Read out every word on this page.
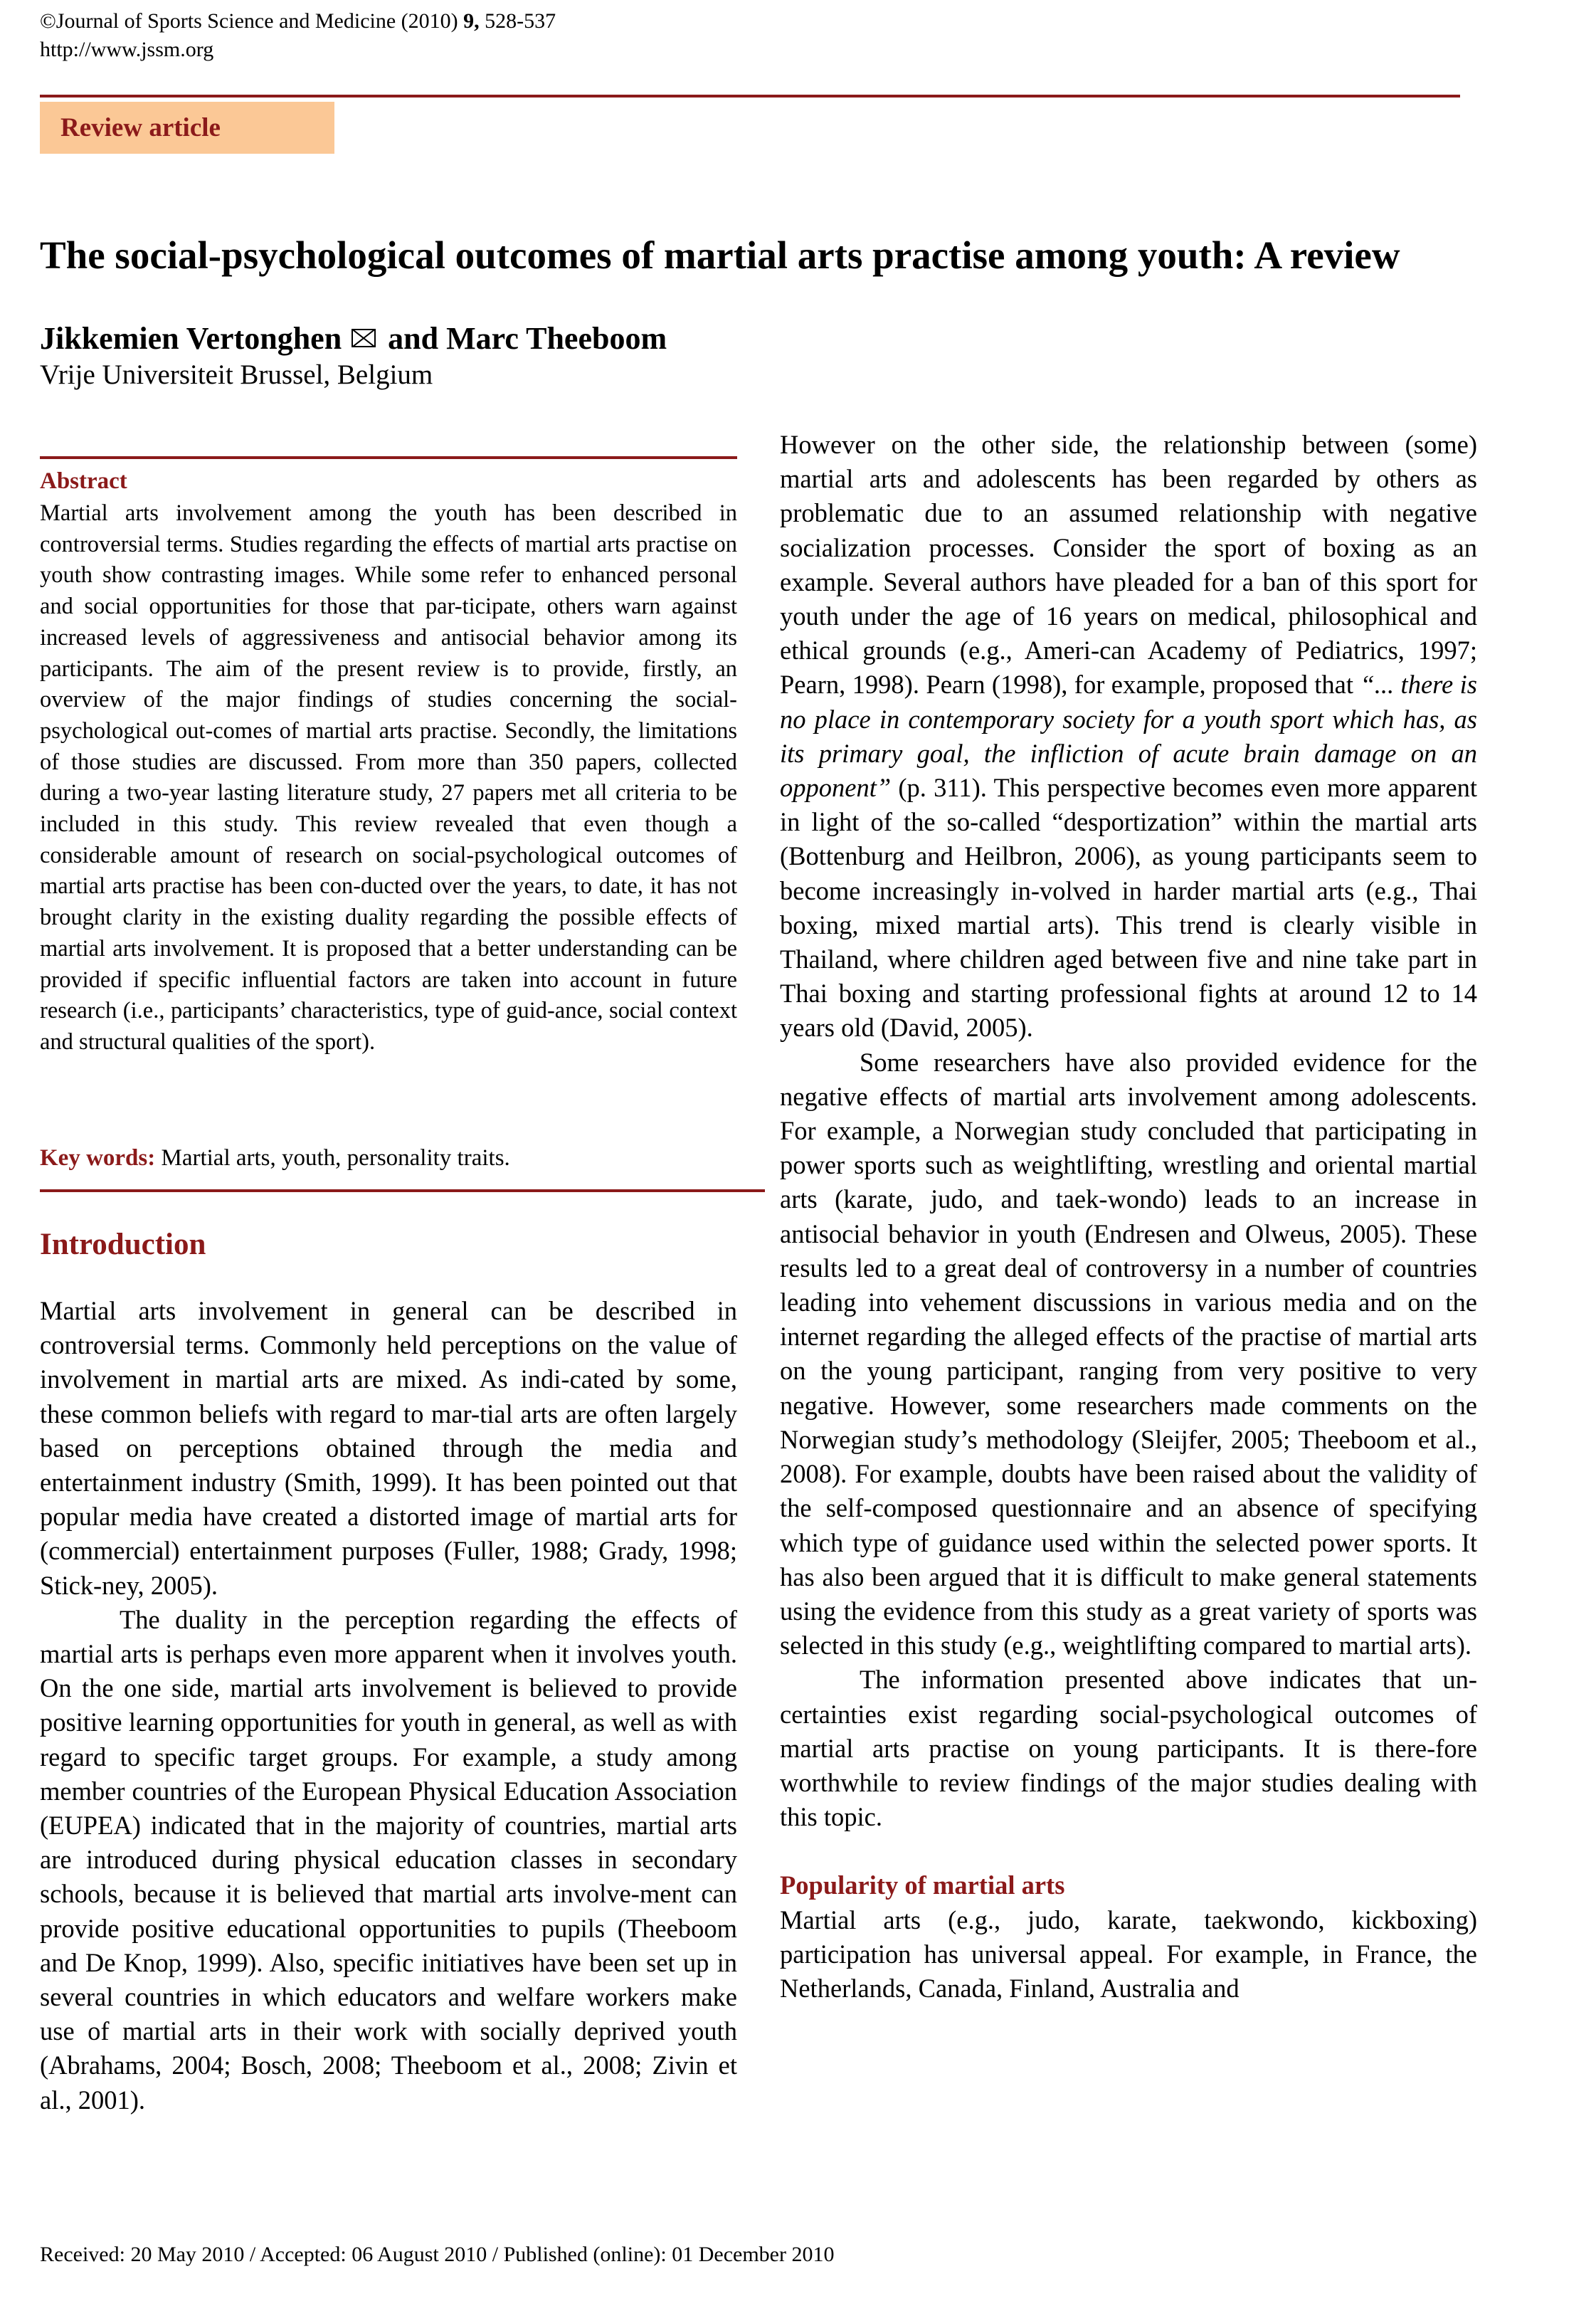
©Journal of Sports Science and Medicine (2010) 9, 528-537
http://www.jssm.org
Review article
The social-psychological outcomes of martial arts practise among youth: A review
Jikkemien Vertonghen and Marc Theeboom
Vrije Universiteit Brussel, Belgium
Abstract
Martial arts involvement among the youth has been described in controversial terms. Studies regarding the effects of martial arts practise on youth show contrasting images. While some refer to enhanced personal and social opportunities for those that par-ticipate, others warn against increased levels of aggressiveness and antisocial behavior among its participants. The aim of the present review is to provide, firstly, an overview of the major findings of studies concerning the social-psychological out-comes of martial arts practise. Secondly, the limitations of those studies are discussed. From more than 350 papers, collected during a two-year lasting literature study, 27 papers met all criteria to be included in this study. This review revealed that even though a considerable amount of research on social-psychological outcomes of martial arts practise has been con-ducted over the years, to date, it has not brought clarity in the existing duality regarding the possible effects of martial arts involvement. It is proposed that a better understanding can be provided if specific influential factors are taken into account in future research (i.e., participants’ characteristics, type of guid-ance, social context and structural qualities of the sport).
Key words: Martial arts, youth, personality traits.
Introduction

Martial arts involvement in general can be described in controversial terms. Commonly held perceptions on the value of involvement in martial arts are mixed. As indi-cated by some, these common beliefs with regard to mar-tial arts are often largely based on perceptions obtained through the media and entertainment industry (Smith, 1999). It has been pointed out that popular media have created a distorted image of martial arts for (commercial) entertainment purposes (Fuller, 1988; Grady, 1998; Stick-ney, 2005).

The duality in the perception regarding the effects of martial arts is perhaps even more apparent when it involves youth. On the one side, martial arts involvement is believed to provide positive learning opportunities for youth in general, as well as with regard to specific target groups. For example, a study among member countries of the European Physical Education Association (EUPEA) indicated that in the majority of countries, martial arts are introduced during physical education classes in secondary schools, because it is believed that martial arts involve-ment can provide positive educational opportunities to pupils (Theeboom and De Knop, 1999). Also, specific initiatives have been set up in several countries in which educators and welfare workers make use of martial arts in their work with socially deprived youth (Abrahams, 2004; Bosch, 2008; Theeboom et al., 2008; Zivin et al., 2001).

However on the other side, the relationship between (some) martial arts and adolescents has been regarded by others as problematic due to an assumed relationship with negative socialization processes. Consider the sport of boxing as an example. Several authors have pleaded for a ban of this sport for youth under the age of 16 years on medical, philosophical and ethical grounds (e.g., Ameri-can Academy of Pediatrics, 1997; Pearn, 1998). Pearn (1998), for example, proposed that “... there is no place in contemporary society for a youth sport which has, as its primary goal, the infliction of acute brain damage on an opponent” (p. 311). This perspective becomes even more apparent in light of the so-called “desportization” within the martial arts (Bottenburg and Heilbron, 2006), as young participants seem to become increasingly in-volved in harder martial arts (e.g., Thai boxing, mixed martial arts). This trend is clearly visible in Thailand, where children aged between five and nine take part in Thai boxing and starting professional fights at around 12 to 14 years old (David, 2005).

Some researchers have also provided evidence for the negative effects of martial arts involvement among adolescents. For example, a Norwegian study concluded that participating in power sports such as weightlifting, wrestling and oriental martial arts (karate, judo, and taek-wondo) leads to an increase in antisocial behavior in youth (Endresen and Olweus, 2005). These results led to a great deal of controversy in a number of countries leading into vehement discussions in various media and on the internet regarding the alleged effects of the practise of martial arts on the young participant, ranging from very positive to very negative. However, some researchers made comments on the Norwegian study’s methodology (Sleijfer, 2005; Theeboom et al., 2008). For example, doubts have been raised about the validity of the self-composed questionnaire and an absence of specifying which type of guidance used within the selected power sports. It has also been argued that it is difficult to make general statements using the evidence from this study as a great variety of sports was selected in this study (e.g., weightlifting compared to martial arts).

The information presented above indicates that un-certainties exist regarding social-psychological outcomes of martial arts practise on young participants. It is there-fore worthwhile to review findings of the major studies dealing with this topic.

Popularity of martial arts

Martial arts (e.g., judo, karate, taekwondo, kickboxing) participation has universal appeal. For example, in France, the Netherlands, Canada, Finland, Australia and

Received: 20 May 2010 / Accepted: 06 August 2010 / Published (online): 01 December 2010
